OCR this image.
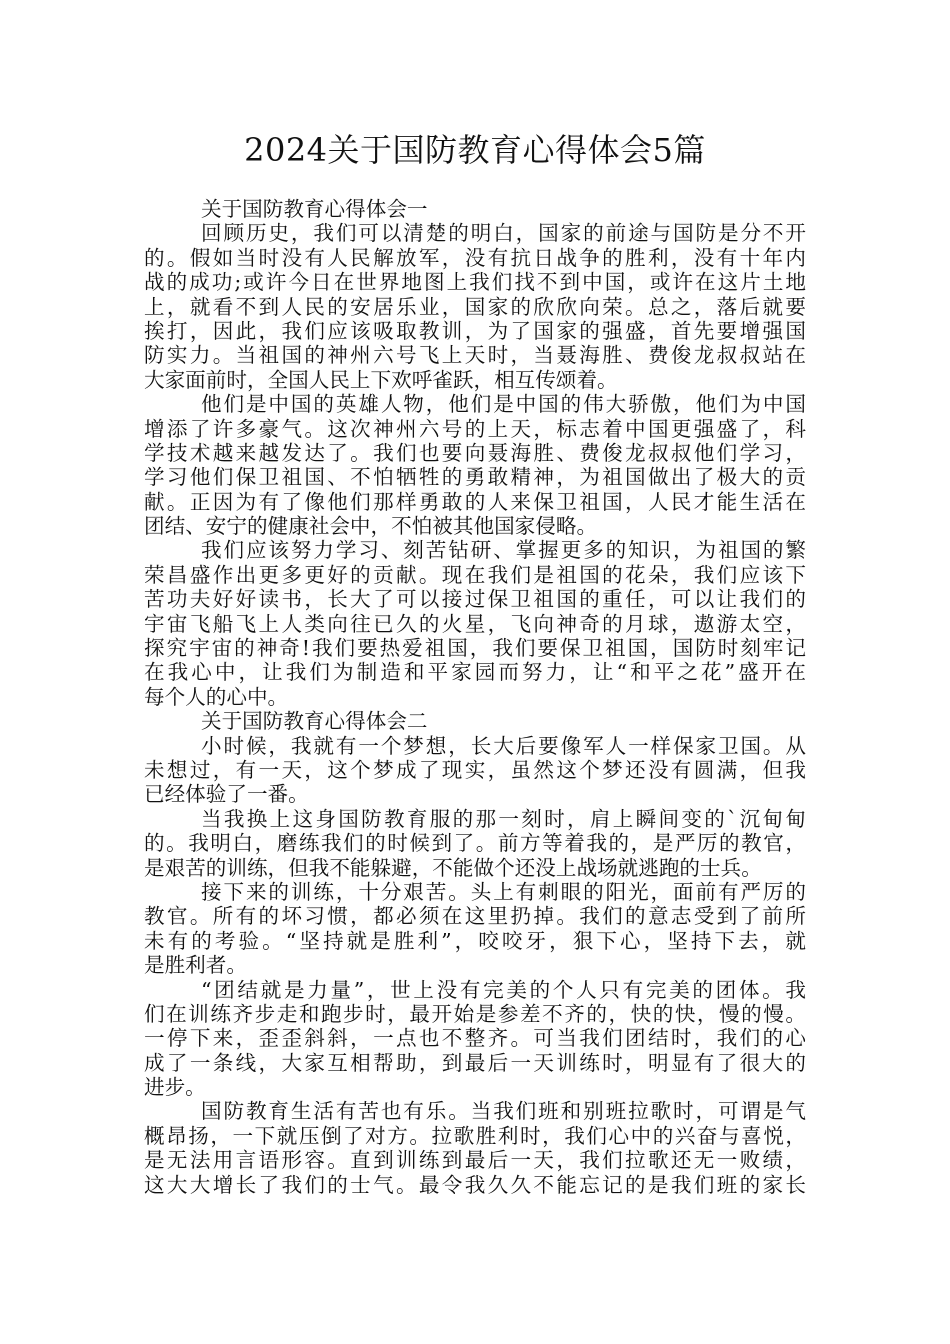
2024关于国防教育心得体会5篇
关于国防教育心得体会一
回顾历史，我们可以清楚的明白，国家的前途与国防是分不开
的。假如当时没有人民解放军，没有抗日战争的胜利，没有十年内
战的成功;或许今日在世界地图上我们找不到中国，或许在这片土地
上，就看不到人民的安居乐业，国家的欣欣向荣。总之，落后就要
挨打，因此，我们应该吸取教训，为了国家的强盛，首先要增强国
防实力。当祖国的神州六号飞上天时，当聂海胜、费俊龙叔叔站在
大家面前时，全国人民上下欢呼雀跃，相互传颂着。
他们是中国的英雄人物，他们是中国的伟大骄傲，他们为中国
增添了许多豪气。这次神州六号的上天，标志着中国更强盛了，科
学技术越来越发达了。我们也要向聂海胜、费俊龙叔叔他们学习，
学习他们保卫祖国、不怕牺牲的勇敢精神，为祖国做出了极大的贡
献。正因为有了像他们那样勇敢的人来保卫祖国，人民才能生活在
团结、安宁的健康社会中，不怕被其他国家侵略。
我们应该努力学习、刻苦钻研、掌握更多的知识，为祖国的繁
荣昌盛作出更多更好的贡献。现在我们是祖国的花朵，我们应该下
苦功夫好好读书，长大了可以接过保卫祖国的重任，可以让我们的
宇宙飞船飞上人类向往已久的火星，飞向神奇的月球，遨游太空，
探究宇宙的神奇!我们要热爱祖国，我们要保卫祖国，国防时刻牢记
在我心中，让我们为制造和平家园而努力，让“和平之花”盛开在
每个人的心中。
关于国防教育心得体会二
小时候，我就有一个梦想，长大后要像军人一样保家卫国。从
未想过，有一天，这个梦成了现实，虽然这个梦还没有圆满，但我
已经体验了一番。
当我换上这身国防教育服的那一刻时，肩上瞬间变的`沉甸甸
的。我明白，磨练我们的时候到了。前方等着我的，是严厉的教官，
是艰苦的训练，但我不能躲避，不能做个还没上战场就逃跑的士兵。
接下来的训练，十分艰苦。头上有刺眼的阳光，面前有严厉的
教官。所有的坏习惯，都必须在这里扔掉。我们的意志受到了前所
未有的考验。“坚持就是胜利”，咬咬牙，狠下心，坚持下去，就
是胜利者。
“团结就是力量”，世上没有完美的个人只有完美的团体。我
们在训练齐步走和跑步时，最开始是参差不齐的，快的快，慢的慢。
一停下来，歪歪斜斜，一点也不整齐。可当我们团结时，我们的心
成了一条线，大家互相帮助，到最后一天训练时，明显有了很大的
进步。
国防教育生活有苦也有乐。当我们班和别班拉歌时，可谓是气
概昂扬，一下就压倒了对方。拉歌胜利时，我们心中的兴奋与喜悦，
是无法用言语形容。直到训练到最后一天，我们拉歌还无一败绩，
这大大增长了我们的士气。最令我久久不能忘记的是我们班的家长
